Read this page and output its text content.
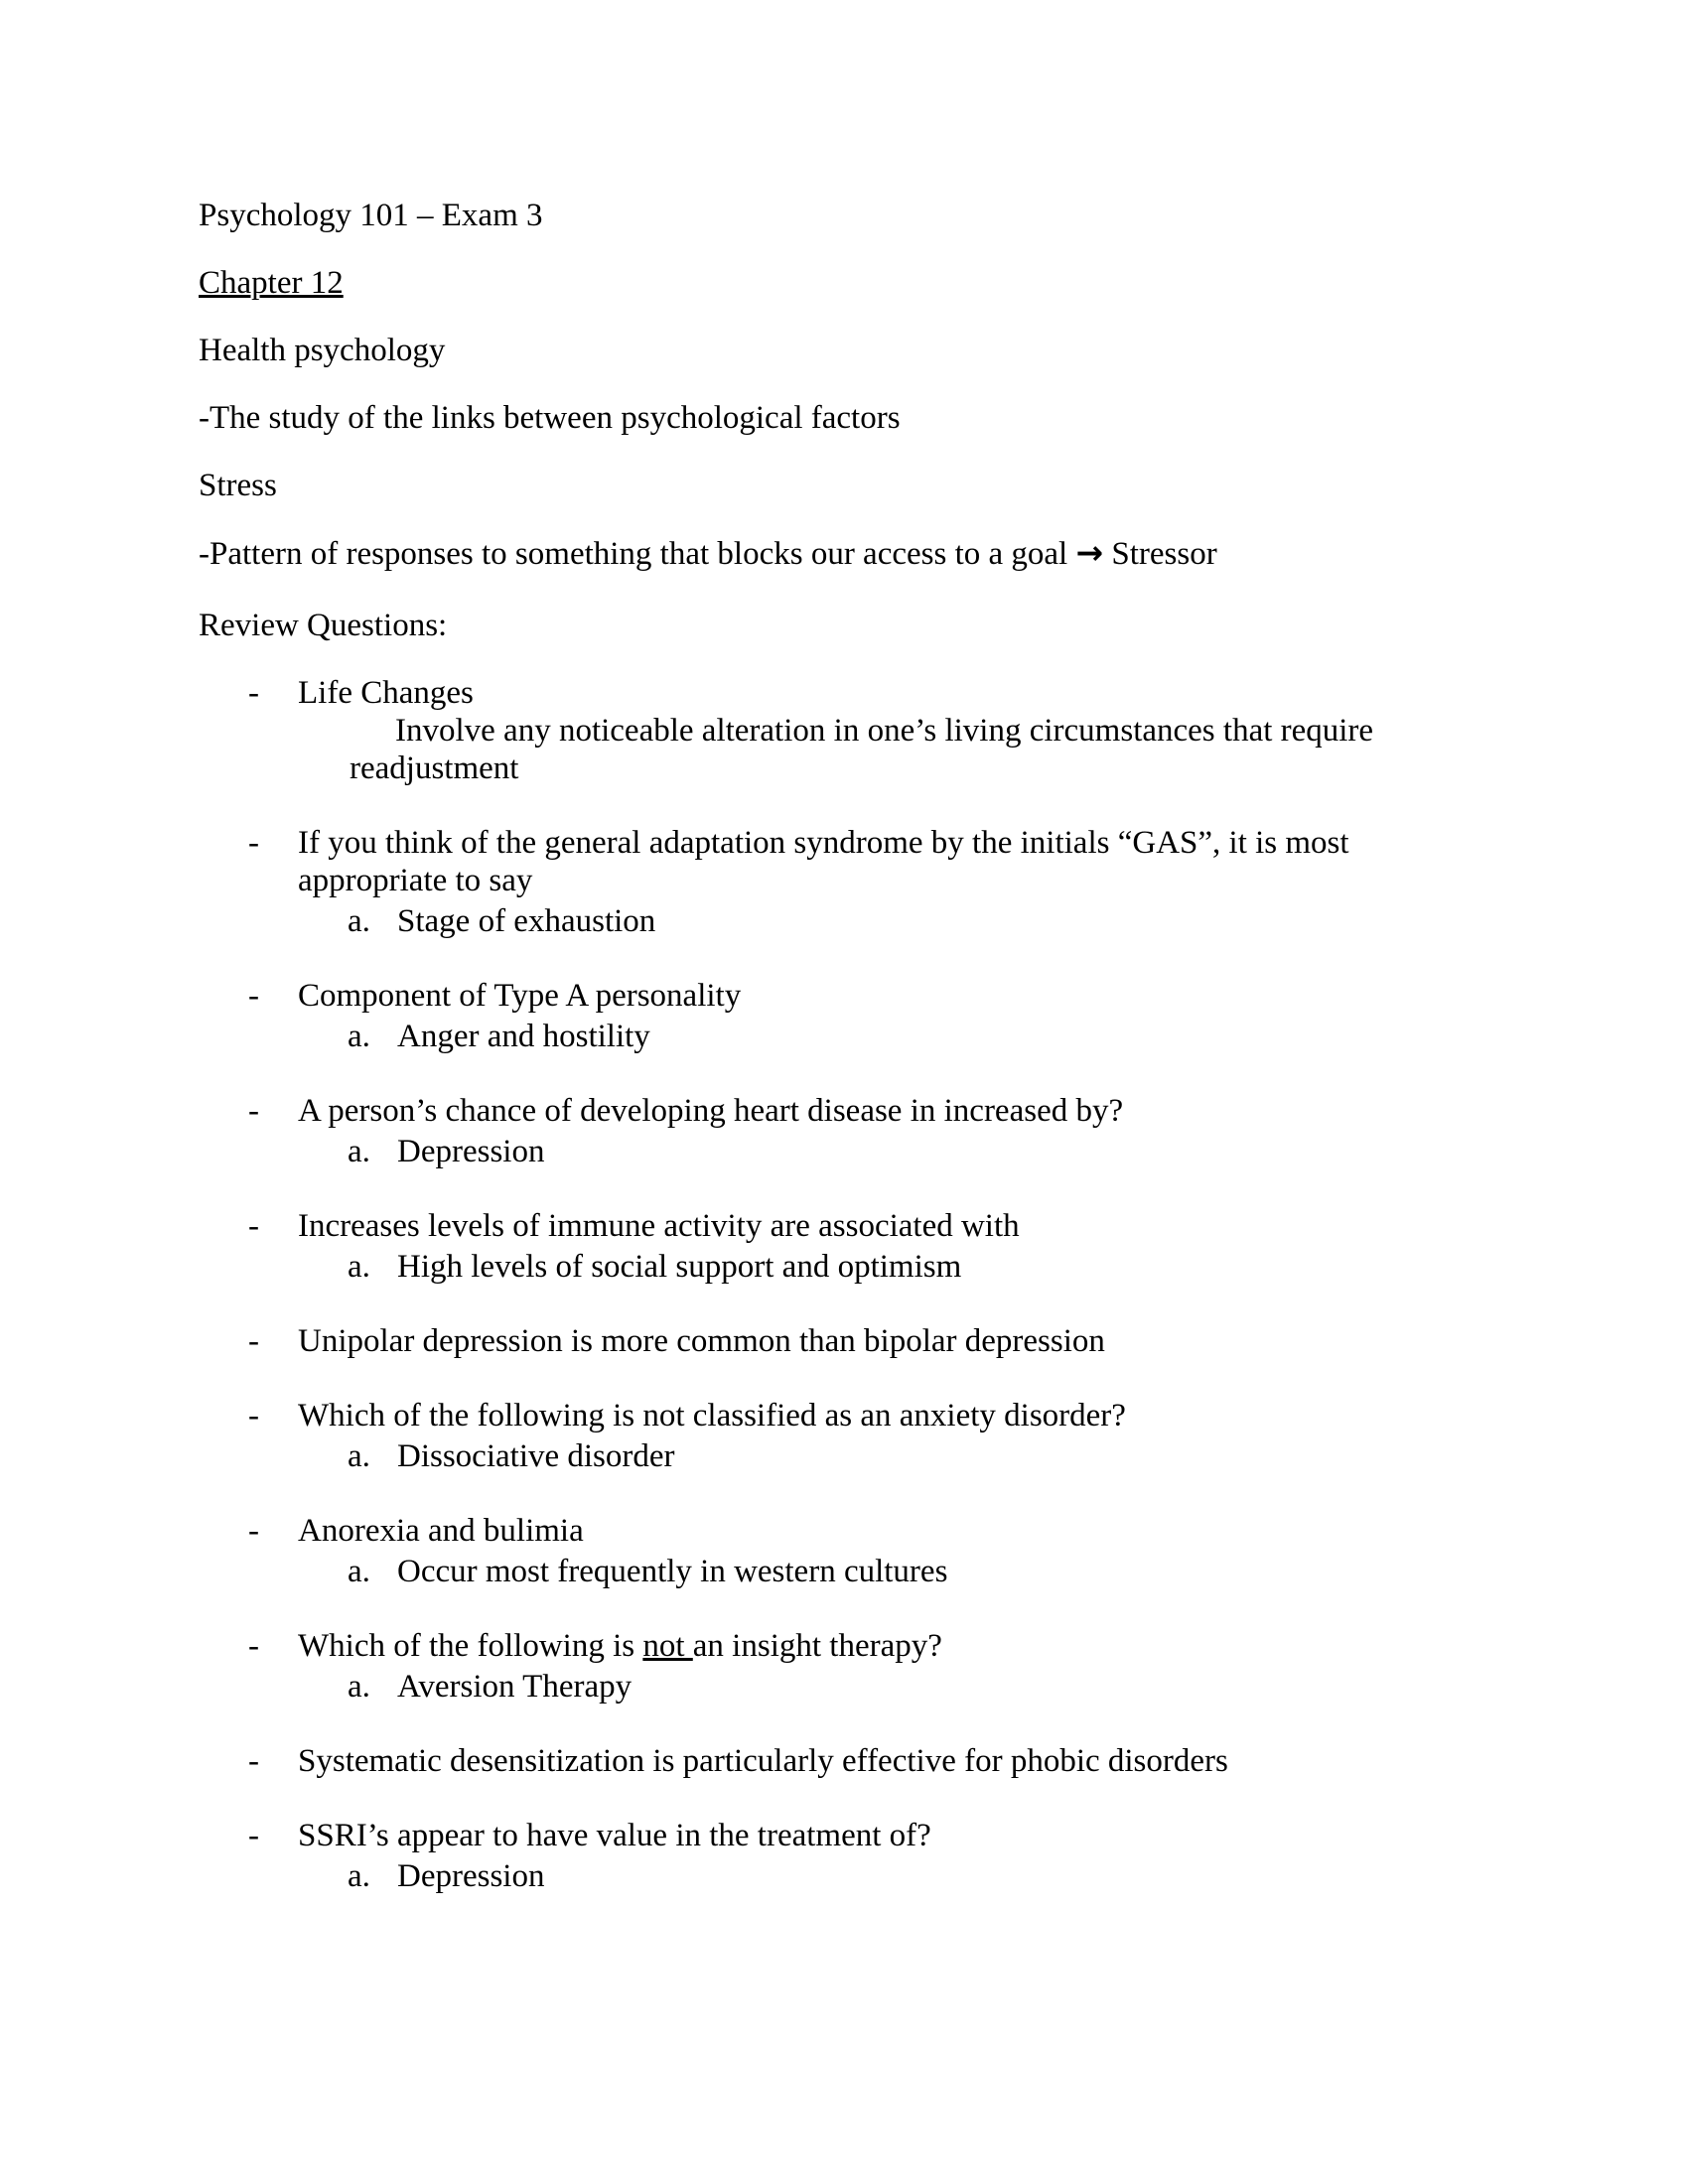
Psychology 101 – Exam 3

Chapter 12

Health psychology

-The study of the links between psychological factors

Stress

-Pattern of responses to something that blocks our access to a goal → Stressor

Review Questions:

- Life Changes
Involve any noticeable alteration in one’s living circumstances that require
readjustment
- If you think of the general adaptation syndrome by the initials “GAS”, it is most
appropriate to say
a. Stage of exhaustion
- Component of Type A personality
a. Anger and hostility
- A person’s chance of developing heart disease in increased by?
a. Depression
- Increases levels of immune activity are associated with
a. High levels of social support and optimism
- Unipolar depression is more common than bipolar depression
- Which of the following is not classified as an anxiety disorder?
a. Dissociative disorder
- Anorexia and bulimia
a. Occur most frequently in western cultures
- Which of the following is not an insight therapy?
a. Aversion Therapy
- Systematic desensitization is particularly effective for phobic disorders
- SSRI’s appear to have value in the treatment of?
a. Depression
